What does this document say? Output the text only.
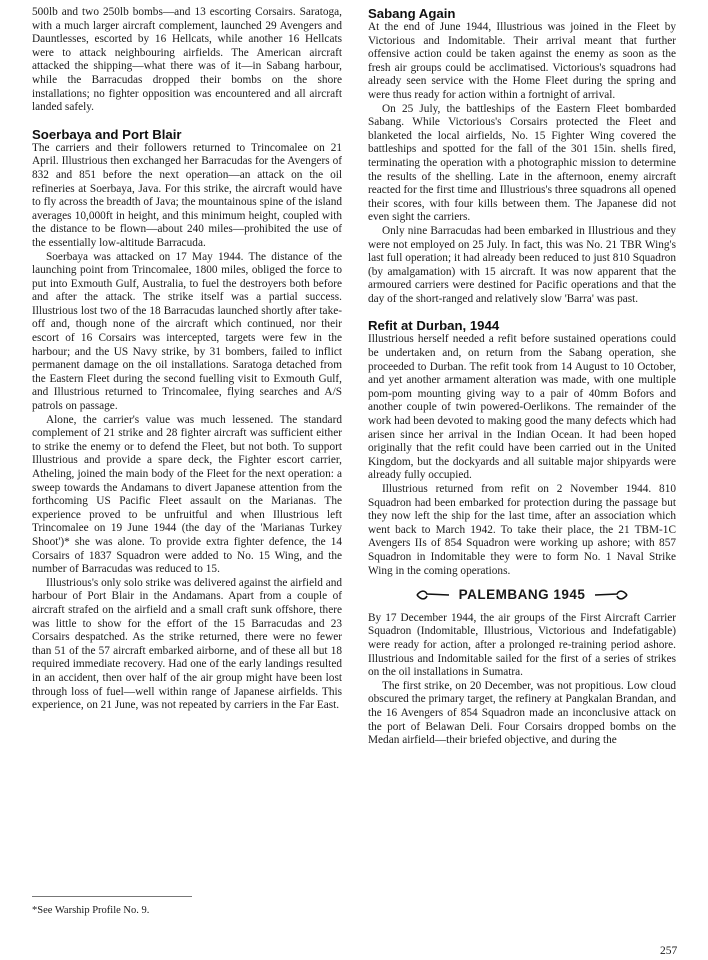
500lb and two 250lb bombs—and 13 escorting Corsairs. Saratoga, with a much larger aircraft complement, launched 29 Avengers and Dauntlesses, escorted by 16 Hellcats, while another 16 Hellcats were to attack neighbouring airfields. The American aircraft attacked the shipping—what there was of it—in Sabang harbour, while the Barracudas dropped their bombs on the shore installations; no fighter opposition was encountered and all aircraft landed safely.

Soerbaya and Port Blair

The carriers and their followers returned to Trincomalee on 21 April. Illustrious then exchanged her Barracudas for the Avengers of 832 and 851 before the next operation—an attack on the oil refineries at Soerbaya, Java. For this strike, the aircraft would have to fly across the breadth of Java; the mountainous spine of the island averages 10,000ft in height, and this minimum height, coupled with the distance to be flown—about 240 miles—prohibited the use of the essentially low-altitude Barracuda.

Soerbaya was attacked on 17 May 1944. The distance of the launching point from Trincomalee, 1800 miles, obliged the force to put into Exmouth Gulf, Australia, to fuel the destroyers both before and after the attack. The strike itself was a partial success. Illustrious lost two of the 18 Barracudas launched shortly after take-off and, though none of the aircraft which continued, nor their escort of 16 Corsairs was intercepted, targets were few in the harbour; and the US Navy strike, by 31 bombers, failed to inflict permanent damage on the oil installations. Saratoga detached from the Eastern Fleet during the second fuelling visit to Exmouth Gulf, and Illustrious returned to Trincomalee, flying searches and A/S patrols on passage.

Alone, the carrier's value was much lessened. The standard complement of 21 strike and 28 fighter aircraft was sufficient either to strike the enemy or to defend the Fleet, but not both. To support Illustrious and provide a spare deck, the Fighter escort carrier, Atheling, joined the main body of the Fleet for the next operation: a sweep towards the Andamans to divert Japanese attention from the forthcoming US Pacific Fleet assault on the Marianas. The experience proved to be unfruitful and when Illustrious left Trincomalee on 19 June 1944 (the day of the 'Marianas Turkey Shoot')* she was alone. To provide extra fighter defence, the 14 Corsairs of 1837 Squadron were added to No. 15 Wing, and the number of Barracudas was reduced to 15.

Illustrious's only solo strike was delivered against the airfield and harbour of Port Blair in the Andamans. Apart from a couple of aircraft strafed on the airfield and a small craft sunk offshore, there was little to show for the effort of the 15 Barracudas and 23 Corsairs despatched. As the strike returned, there were no fewer than 51 of the 57 aircraft embarked airborne, and of these all but 18 required immediate recovery. Had one of the early landings resulted in an accident, then over half of the air group might have been lost through loss of fuel—well within range of Japanese airfields. This experience, on 21 June, was not repeated by carriers in the Far East.

Sabang Again

At the end of June 1944, Illustrious was joined in the Fleet by Victorious and Indomitable. Their arrival meant that further offensive action could be taken against the enemy as soon as the fresh air groups could be acclimatised. Victorious's squadrons had already seen service with the Home Fleet during the spring and were thus ready for action within a fortnight of arrival.

On 25 July, the battleships of the Eastern Fleet bombarded Sabang. While Victorious's Corsairs protected the Fleet and blanketed the local airfields, No. 15 Fighter Wing covered the battleships and spotted for the fall of the 301 15in. shells fired, terminating the operation with a photographic mission to determine the results of the shelling. Late in the afternoon, enemy aircraft reacted for the first time and Illustrious's three squadrons all opened their scores, with four kills between them. The Japanese did not even sight the carriers.

Only nine Barracudas had been embarked in Illustrious and they were not employed on 25 July. In fact, this was No. 21 TBR Wing's last full operation; it had already been reduced to just 810 Squadron (by amalgamation) with 15 aircraft. It was now apparent that the armoured carriers were destined for Pacific operations and that the day of the short-ranged and relatively slow 'Barra' was past.

Refit at Durban, 1944

Illustrious herself needed a refit before sustained operations could be undertaken and, on return from the Sabang operation, she proceeded to Durban. The refit took from 14 August to 10 October, and yet another armament alteration was made, with one multiple pom-pom mounting giving way to a pair of 40mm Bofors and another couple of twin powered-Oerlikons. The remainder of the work had been devoted to making good the many defects which had arisen since her arrival in the Indian Ocean. It had been hoped originally that the refit could have been carried out in the United Kingdom, but the dockyards and all suitable major shipyards were already fully occupied.

Illustrious returned from refit on 2 November 1944. 810 Squadron had been embarked for protection during the passage but they now left the ship for the last time, after an association which went back to March 1942. To take their place, the 21 TBM-1C Avengers IIs of 854 Squadron were working up ashore; with 857 Squadron in Indomitable they were to form No. 1 Naval Strike Wing in the coming operations.

PALEMBANG 1945

By 17 December 1944, the air groups of the First Aircraft Carrier Squadron (Indomitable, Illustrious, Victorious and Indefatigable) were ready for action, after a prolonged re-training period ashore. Illustrious and Indomitable sailed for the first of a series of strikes on the oil installations in Sumatra.

The first strike, on 20 December, was not propitious. Low cloud obscured the primary target, the refinery at Pangkalan Brandan, and the 16 Avengers of 854 Squadron made an inconclusive attack on the port of Belawan Deli. Four Corsairs dropped bombs on the Medan airfield—their briefed objective, and during the

*See Warship Profile No. 9.
257
